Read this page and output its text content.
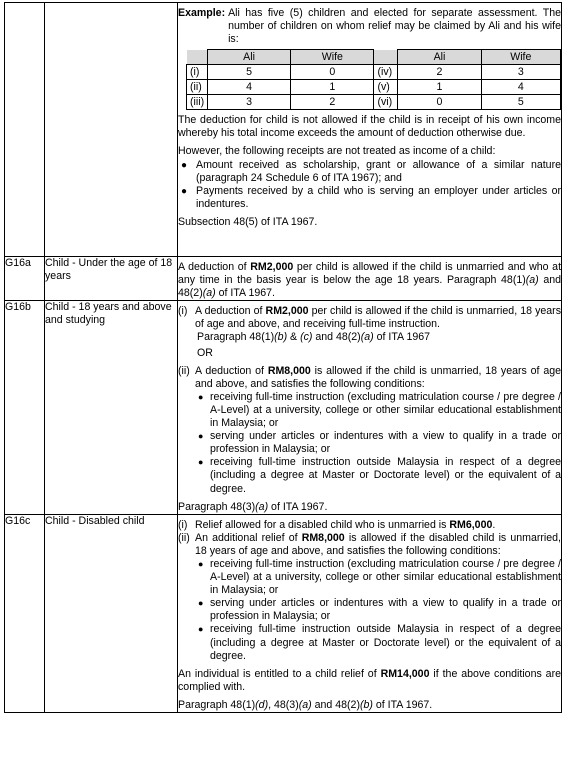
Example:
Ali has five (5) children and elected for separate assessment. The number of children on whom relief may be claimed by Ali and his wife is:
	Ali	Wife		Ali	Wife
(i)	5	0	(iv)	2	3
(ii)	4	1	(v)	1	4
(iii)	3	2	(vi)	0	5
The deduction for child is not allowed if the child is in receipt of his own income whereby his total income exceeds the amount of deduction otherwise due.
However, the following receipts are not treated as income of a child:
● Amount received as scholarship, grant or allowance of a similar nature (paragraph 24 Schedule 6 of ITA 1967); and
● Payments received by a child who is serving an employer under articles or indentures.
Subsection 48(5) of ITA 1967.

G16a	Child - Under the age of 18 years	A deduction of RM2,000 per child is allowed if the child is unmarried and who at any time in the basis year is below the age 18 years. Paragraph 48(1)(a) and 48(2)(a) of ITA 1967.
G16b	Child - 18 years and above and studying	
(i) A deduction of RM2,000 per child is allowed if the child is unmarried, 18 years of age and above, and receiving full-time instruction.
Paragraph 48(1)(b) & (c) and 48(2)(a) of ITA 1967
OR
(ii) A deduction of RM8,000 is allowed if the child is unmarried, 18 years of age and above, and satisfies the following conditions:
● receiving full-time instruction (excluding matriculation course / pre degree / A-Level) at a university, college or other similar educational establishment in Malaysia; or
● serving under articles or indentures with a view to qualify in a trade or profession in Malaysia; or
● receiving full-time instruction outside Malaysia in respect of a degree (including a degree at Master or Doctorate level) or the equivalent of a degree.
Paragraph 48(3)(a) of ITA 1967.

G16c	Child - Disabled child	(i) Relief allowed for a disabled child who is unmarried is RM6,000.
(ii) An additional relief of RM8,000 is allowed if the disabled child is unmarried, 18 years of age and above, and satisfies the following conditions:
● receiving full-time instruction (excluding matriculation course / pre degree / A-Level) at a university, college or other similar educational establishment in Malaysia; or
● serving under articles or indentures with a view to qualify in a trade or profession in Malaysia; or
● receiving full-time instruction outside Malaysia in respect of a degree (including a degree at Master or Doctorate level) or the equivalent of a degree.
An individual is entitled to a child relief of RM14,000 if the above conditions are complied with.
Paragraph 48(1)(d), 48(3)(a) and 48(2)(b) of ITA 1967.
